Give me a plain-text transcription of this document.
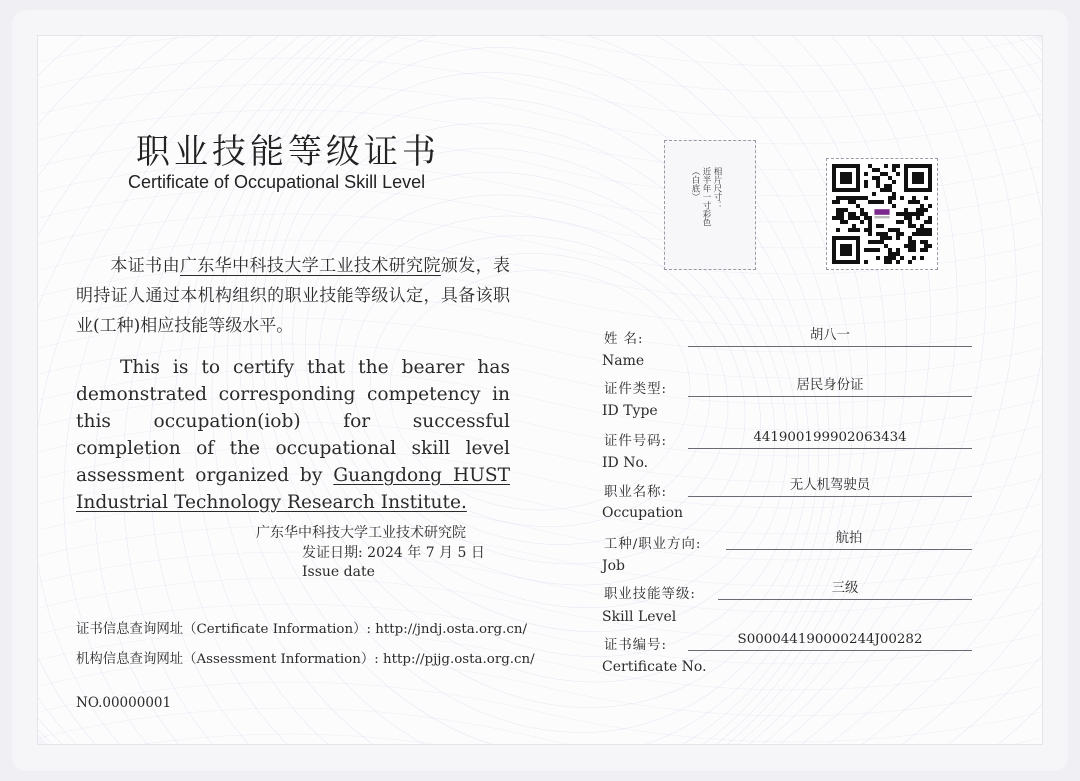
职业技能等级证书
Certificate of Occupational Skill Level
本证书由广东华中科技大学工业技术研究院颁发，表明持证人通过本机构组织的职业技能等级认定，具备该职业(工种)相应技能等级水平。
This is to certify that the bearer has demonstrated corresponding competency in this occupation(iob) for successful completion of the occupational skill level assessment organized by Guangdong HUST Industrial Technology Research Institute.
广东华中科技大学工业技术研究院
发证日期: 2024 年 7 月 5 日
Issue date
证书信息查询网址（Certificate Information）: http://jndj.osta.org.cn/
机构信息查询网址（Assessment Information）: http://pjjg.osta.org.cn/
NO.00000001
相片尺寸：
近半年一寸彩色
（白底）
姓 名:
Name
胡八一
证件类型:
ID Type
居民身份证
证件号码:
ID No.
441900199902063434
职业名称:
Occupation
无人机驾驶员
工种/职业方向:
Job
航拍
职业技能等级:
Skill Level
三级
证书编号:
Certificate No.
S000044190000244J00282
